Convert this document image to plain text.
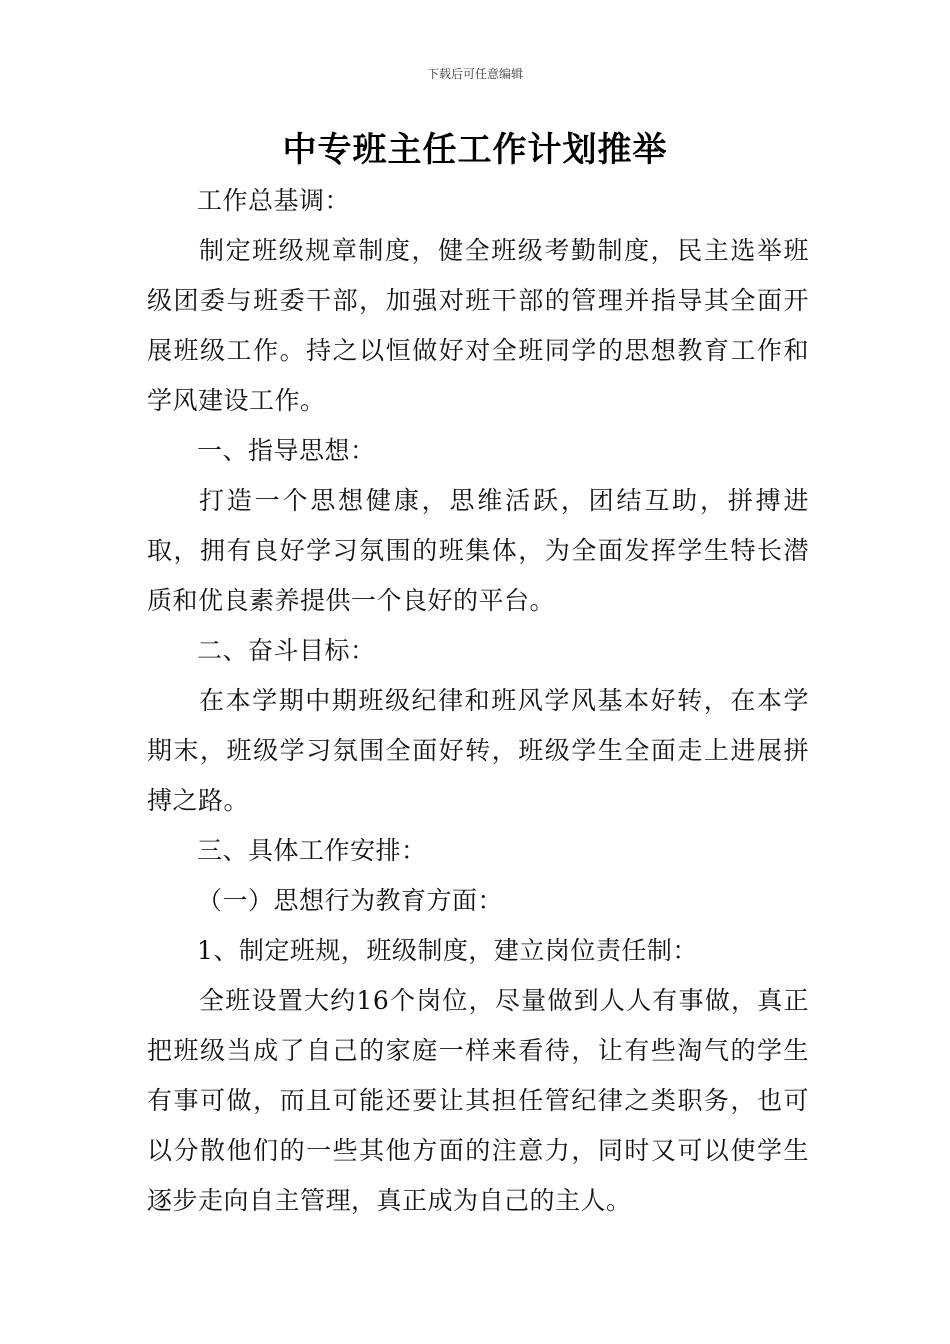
下载后可任意编辑
中专班主任工作计划推举

工作总基调：

制定班级规章制度，健全班级考勤制度，民主选举班级团委与班委干部，加强对班干部的管理并指导其全面开展班级工作。持之以恒做好对全班同学的思想教育工作和学风建设工作。

一、指导思想：

打造一个思想健康，思维活跃，团结互助，拼搏进取，拥有良好学习氛围的班集体，为全面发挥学生特长潜质和优良素养提供一个良好的平台。

二、奋斗目标：

在本学期中期班级纪律和班风学风基本好转，在本学期末，班级学习氛围全面好转，班级学生全面走上进展拼搏之路。

三、具体工作安排：

（一）思想行为教育方面：

1、制定班规，班级制度，建立岗位责任制：

全班设置大约16个岗位，尽量做到人人有事做，真正把班级当成了自己的家庭一样来看待，让有些淘气的学生有事可做，而且可能还要让其担任管纪律之类职务，也可以分散他们的一些其他方面的注意力，同时又可以使学生逐步走向自主管理，真正成为自己的主人。
